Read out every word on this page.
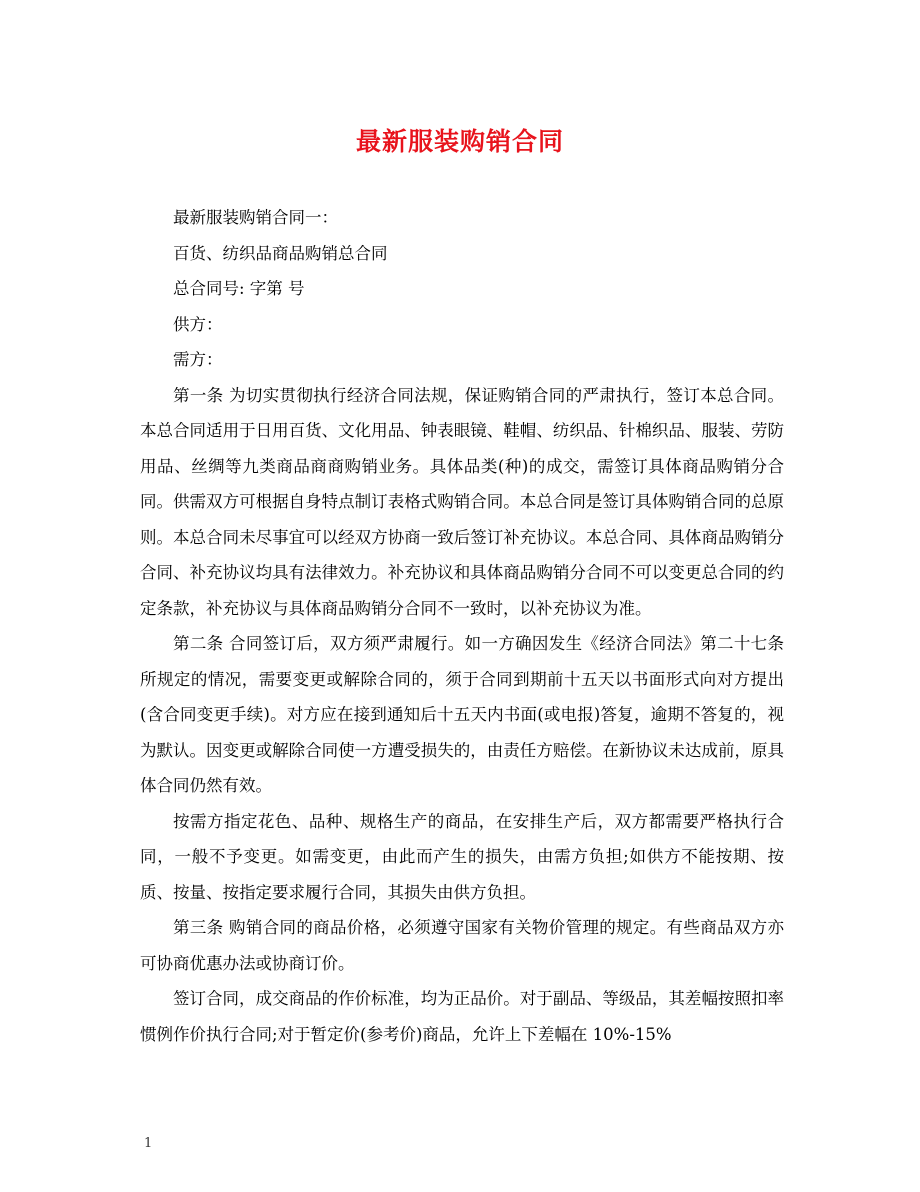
最新服装购销合同

最新服装购销合同一：

百货、纺织品商品购销总合同

总合同号: 字第 号

供方：

需方：

第一条 为切实贯彻执行经济合同法规，保证购销合同的严肃执行，签订本总合同。本总合同适用于日用百货、文化用品、钟表眼镜、鞋帽、纺织品、针棉织品、服装、劳防用品、丝绸等九类商品商商购销业务。具体品类(种)的成交，需签订具体商品购销分合同。供需双方可根据自身特点制订表格式购销合同。本总合同是签订具体购销合同的总原则。本总合同未尽事宜可以经双方协商一致后签订补充协议。本总合同、具体商品购销分合同、补充协议均具有法律效力。补充协议和具体商品购销分合同不可以变更总合同的约定条款，补充协议与具体商品购销分合同不一致时，以补充协议为准。

第二条 合同签订后，双方须严肃履行。如一方确因发生《经济合同法》第二十七条所规定的情况，需要变更或解除合同的，须于合同到期前十五天以书面形式向对方提出(含合同变更手续)。对方应在接到通知后十五天内书面(或电报)答复，逾期不答复的，视为默认。因变更或解除合同使一方遭受损失的，由责任方赔偿。在新协议未达成前，原具体合同仍然有效。

按需方指定花色、品种、规格生产的商品，在安排生产后，双方都需要严格执行合同，一般不予变更。如需变更，由此而产生的损失，由需方负担;如供方不能按期、按质、按量、按指定要求履行合同，其损失由供方负担。

第三条 购销合同的商品价格，必须遵守国家有关物价管理的规定。有些商品双方亦可协商优惠办法或协商订价。

签订合同，成交商品的作价标准，均为正品价。对于副品、等级品，其差幅按照扣率惯例作价执行合同;对于暂定价(参考价)商品，允许上下差幅在 10%-15%

1
